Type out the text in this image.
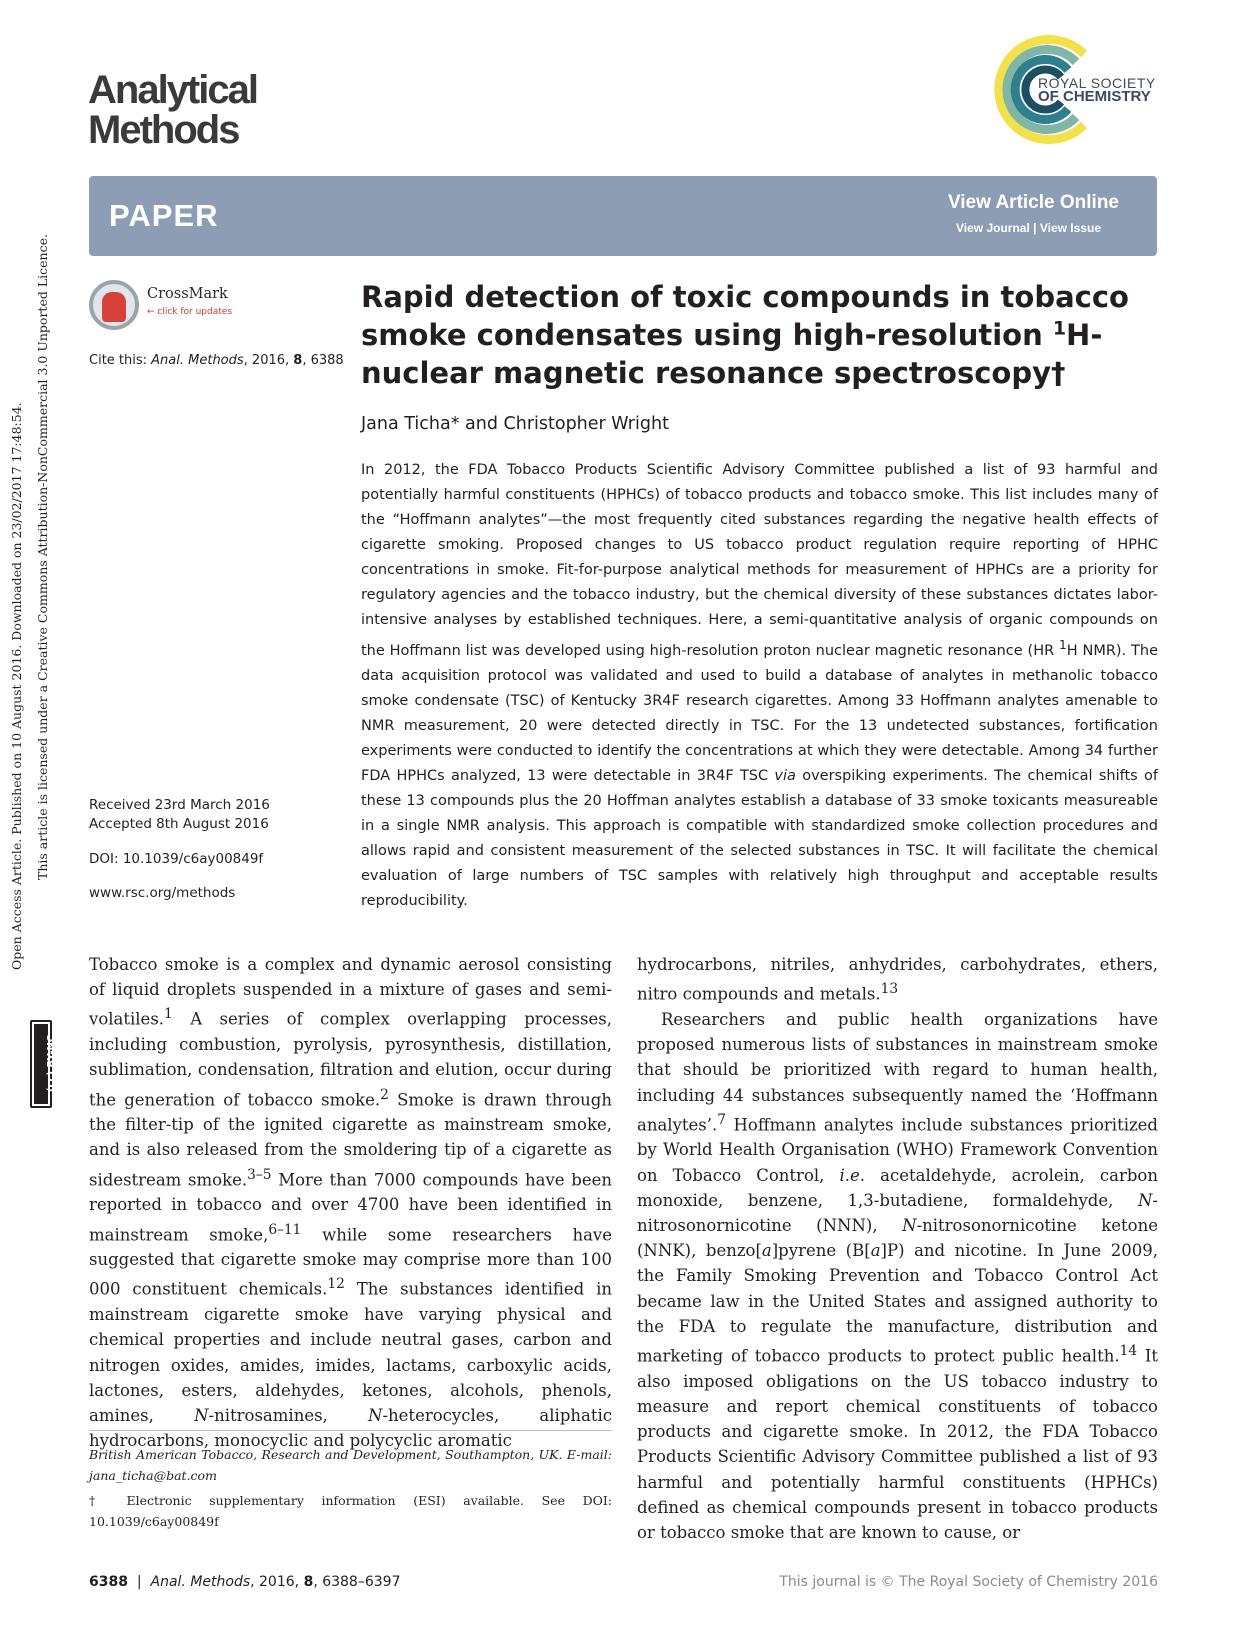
Analytical
Methods
ROYAL SOCIETY
OF CHEMISTRY
PAPER	View Article Online
View Journal | View Issue
Open Access Article. Published on 10 August 2016. Downloaded on 23/02/2017 17:48:54. This article is licensed under a Creative Commons Attribution-NonCommercial 3.0 Unported Licence.
(cc) BY-NC
CrossMark
← click for updates
Cite this: Anal. Methods, 2016, 8, 6388
Received 23rd March 2016
Accepted 8th August 2016
DOI: 10.1039/c6ay00849f
www.rsc.org/methods
Rapid detection of toxic compounds in tobacco smoke condensates using high-resolution $^1$H-nuclear magnetic resonance spectroscopy†
Jana Ticha* and Christopher Wright

In 2012, the FDA Tobacco Products Scientific Advisory Committee published a list of 93 harmful and potentially harmful constituents (HPHCs) of tobacco products and tobacco smoke. This list includes many of the “Hoffmann analytes”—the most frequently cited substances regarding the negative health effects of cigarette smoking. Proposed changes to US tobacco product regulation require reporting of HPHC concentrations in smoke. Fit-for-purpose analytical methods for measurement of HPHCs are a priority for regulatory agencies and the tobacco industry, but the chemical diversity of these substances dictates labor-intensive analyses by established techniques. Here, a semi-quantitative analysis of organic compounds on the Hoffmann list was developed using high-resolution proton nuclear magnetic resonance (HR $^1$H NMR). The data acquisition protocol was validated and used to build a database of analytes in methanolic tobacco smoke condensate (TSC) of Kentucky 3R4F research cigarettes. Among 33 Hoffmann analytes amenable to NMR measurement, 20 were detected directly in TSC. For the 13 undetected substances, fortification experiments were conducted to identify the concentrations at which they were detectable. Among 34 further FDA HPHCs analyzed, 13 were detectable in 3R4F TSC via overspiking experiments. The chemical shifts of these 13 compounds plus the 20 Hoffman analytes establish a database of 33 smoke toxicants measureable in a single NMR analysis. This approach is compatible with standardized smoke collection procedures and allows rapid and consistent measurement of the selected substances in TSC. It will facilitate the chemical evaluation of large numbers of TSC samples with relatively high throughput and acceptable results reproducibility.

Tobacco smoke is a complex and dynamic aerosol consisting of liquid droplets suspended in a mixture of gases and semi-volatiles.$^1$ A series of complex overlapping processes, including combustion, pyrolysis, pyrosynthesis, distillation, sublimation, condensation, filtration and elution, occur during the generation of tobacco smoke.$^2$ Smoke is drawn through the filter-tip of the ignited cigarette as mainstream smoke, and is also released from the smoldering tip of a cigarette as sidestream smoke.$^{3-5}$ More than 7000 compounds have been reported in tobacco and over 4700 have been identified in mainstream smoke,$^{6-11}$ while some researchers have suggested that cigarette smoke may comprise more than 100 000 constituent chemicals.$^{12}$ The substances identified in mainstream cigarette smoke have varying physical and chemical properties and include neutral gases, carbon and nitrogen oxides, amides, imides, lactams, carboxylic acids, lactones, esters, aldehydes, ketones, alcohols, phenols, amines, N-nitrosamines, N-heterocycles, aliphatic hydrocarbons, monocyclic and polycyclic aromatic

hydrocarbons, nitriles, anhydrides, carbohydrates, ethers, nitro compounds and metals.$^{13}$

Researchers and public health organizations have proposed numerous lists of substances in mainstream smoke that should be prioritized with regard to human health, including 44 substances subsequently named the ‘Hoffmann analytes’.$^7$ Hoffmann analytes include substances prioritized by World Health Organisation (WHO) Framework Convention on Tobacco Control, i.e. acetaldehyde, acrolein, carbon monoxide, benzene, 1,3-butadiene, formaldehyde, N-nitrosonornicotine (NNN), N-nitrosonornicotine ketone (NNK), benzo[a]pyrene (B[a]P) and nicotine. In June 2009, the Family Smoking Prevention and Tobacco Control Act became law in the United States and assigned authority to the FDA to regulate the manufacture, distribution and marketing of tobacco products to protect public health.$^{14}$ It also imposed obligations on the US tobacco industry to measure and report chemical constituents of tobacco products and cigarette smoke. In 2012, the FDA Tobacco Products Scientific Advisory Committee published a list of 93 harmful and potentially harmful constituents (HPHCs) defined as chemical compounds present in tobacco products or tobacco smoke that are known to cause, or

British American Tobacco, Research and Development, Southampton, UK. E-mail: jana_ticha@bat.com

† Electronic supplementary information (ESI) available. See DOI: 10.1039/c6ay00849f

6388  |  Anal. Methods, 2016, 8, 6388–6397	This journal is © The Royal Society of Chemistry 2016
